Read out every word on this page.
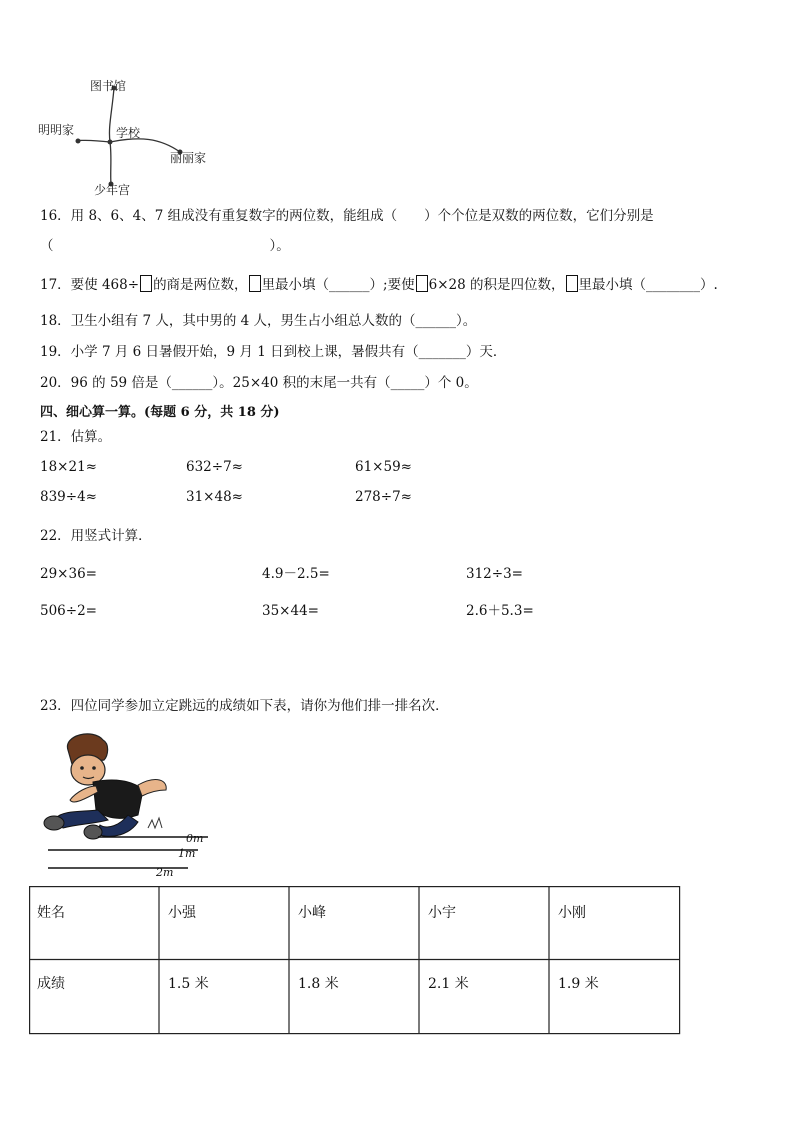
图书馆
明明家	学校
丽丽家
少年宫
16．用 8、6、4、7 组成没有重复数字的两位数，能组成（　　）个个位是双数的两位数，它们分别是
（　　　　　　　　　　　　　　　　）。
17．要使 468÷ 的商是两位数， 里最小填（______）;要使 6×28 的积是四位数， 里最小填（________）.
18．卫生小组有 7 人，其中男的 4 人，男生占小组总人数的（______）。
19．小学 7 月 6 日暑假开始，9 月 1 日到校上课，暑假共有（_______）天．
20．96 的 59 倍是（______）。25×40 积的末尾一共有（_____）个 0。
四、细心算一算。(每题 6 分，共 18 分)
21．估算。
18×21≈	632÷7≈	61×59≈
839÷4≈	31×48≈	278÷7≈
22．用竖式计算．
29×36=	4.9－2.5=	312÷3=
506÷2=	35×44=	2.6＋5.3=
23．四位同学参加立定跳远的成绩如下表，请你为他们排一排名次．
0m
1m
2m
姓名	小强	小峰	小宇	小刚
成绩	1.5 米	1.8 米	2.1 米	1.9 米
